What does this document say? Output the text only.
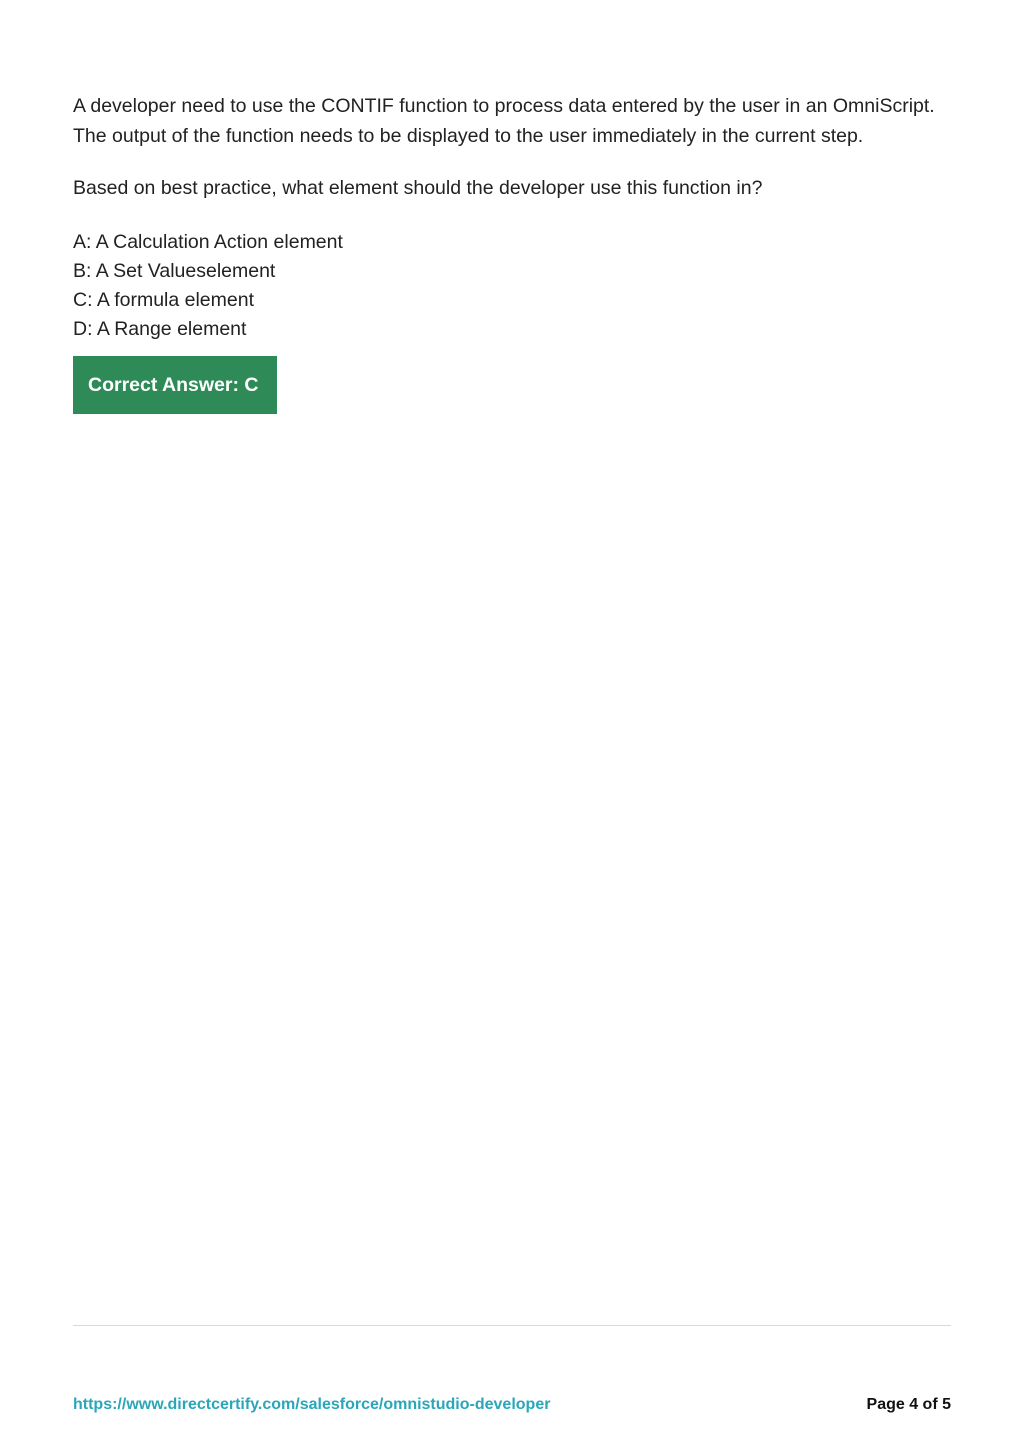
A developer need to use the CONTIF function to process data entered by the user in an OmniScript. The output of the function needs to be displayed to the user immediately in the current step.

Based on best practice, what element should the developer use this function in?

A: A Calculation Action element
B: A Set Valueselement
C: A formula element
D: A Range element
Correct Answer: C
https://www.directcertify.com/salesforce/omnistudio-developer	Page 4 of 5
